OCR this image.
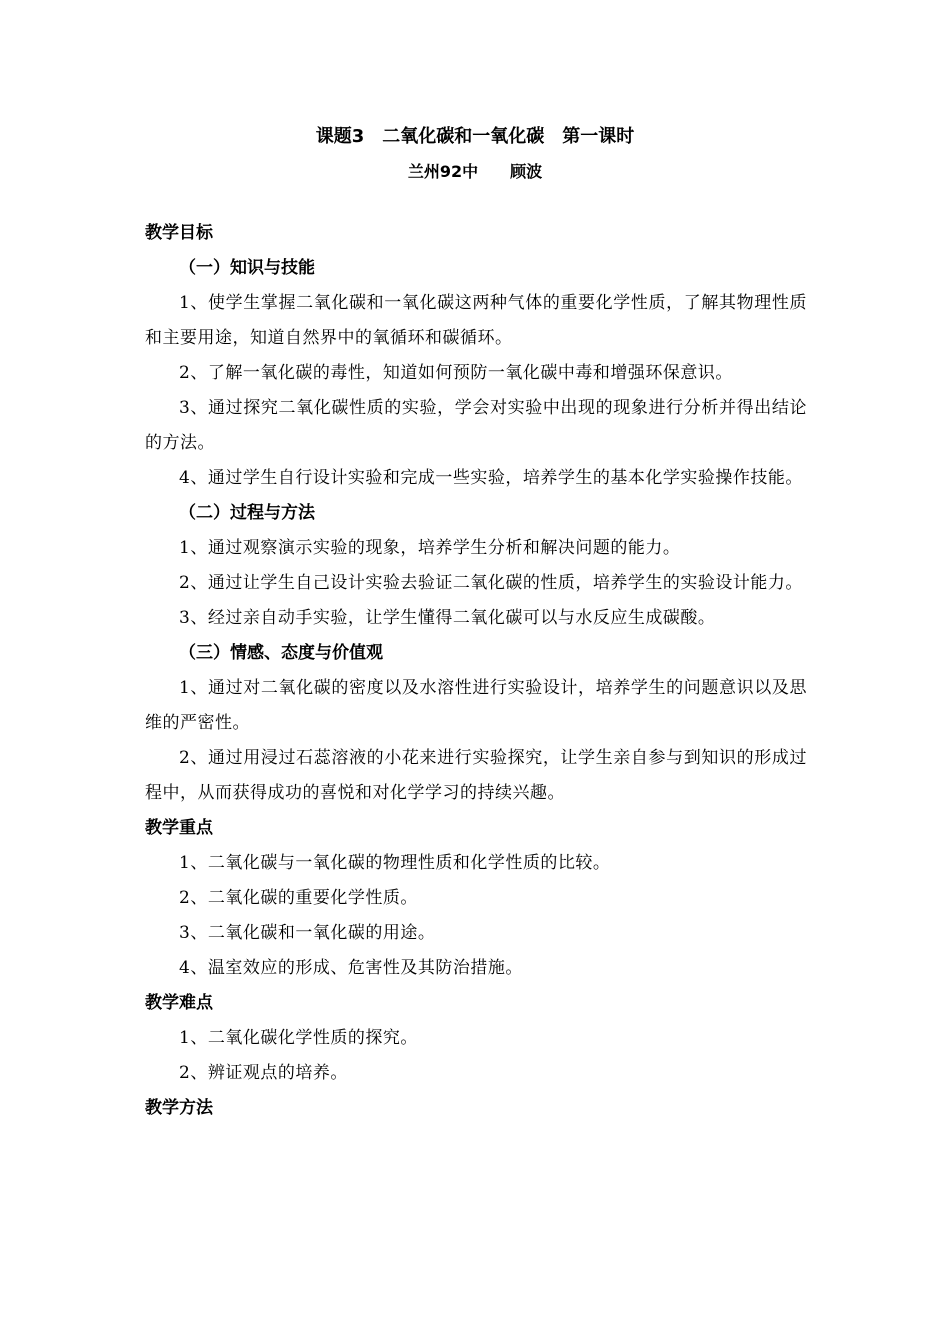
课题3　二氧化碳和一氧化碳　第一课时
兰州92中　　顾波
教学目标
（一）知识与技能
1、使学生掌握二氧化碳和一氧化碳这两种气体的重要化学性质，了解其物理性质和主要用途，知道自然界中的氧循环和碳循环。
2、了解一氧化碳的毒性，知道如何预防一氧化碳中毒和增强环保意识。
3、通过探究二氧化碳性质的实验，学会对实验中出现的现象进行分析并得出结论的方法。
4、通过学生自行设计实验和完成一些实验，培养学生的基本化学实验操作技能。
（二）过程与方法
1、通过观察演示实验的现象，培养学生分析和解决问题的能力。
2、通过让学生自己设计实验去验证二氧化碳的性质，培养学生的实验设计能力。
3、经过亲自动手实验，让学生懂得二氧化碳可以与水反应生成碳酸。
（三）情感、态度与价值观
1、通过对二氧化碳的密度以及水溶性进行实验设计，培养学生的问题意识以及思维的严密性。
2、通过用浸过石蕊溶液的小花来进行实验探究，让学生亲自参与到知识的形成过程中，从而获得成功的喜悦和对化学学习的持续兴趣。
教学重点
1、二氧化碳与一氧化碳的物理性质和化学性质的比较。
2、二氧化碳的重要化学性质。
3、二氧化碳和一氧化碳的用途。
4、温室效应的形成、危害性及其防治措施。
教学难点
1、二氧化碳化学性质的探究。
2、辨证观点的培养。
教学方法
